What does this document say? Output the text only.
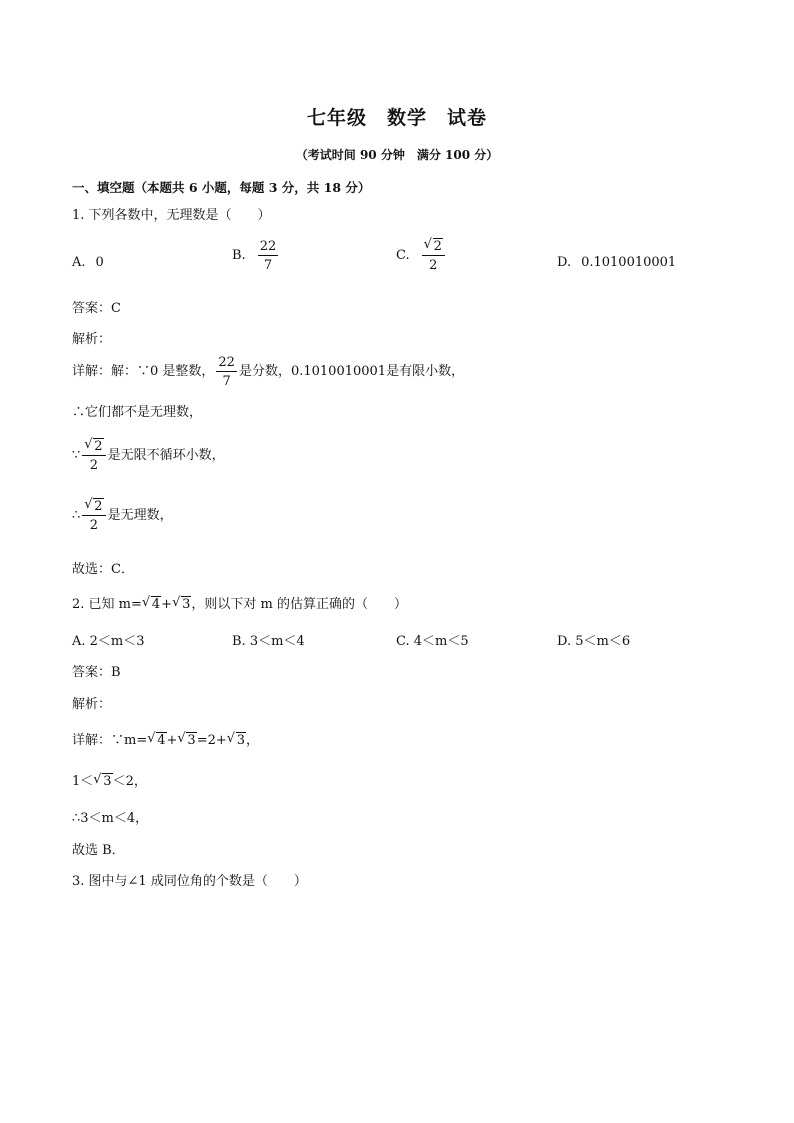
七年级　数学　试卷
（考试时间 90 分钟　满分 100 分）
一、填空题（本题共 6 小题，每题 3 分，共 18 分）
1. 下列各数中，无理数是（　　）
A. 0	B. $\frac{22}{7}$	C. $\frac{√ 2}{2}$	D. 0.1010010001
答案：C
解析：
详解：解：∵0 是整数， $\frac{22}{7}$ 是分数，0.1010010001是有限小数，
∴它们都不是无理数，
∵ $\frac{√ 2}{2}$ 是无限不循环小数，
∴ $\frac{√ 2}{2}$ 是无理数，
故选：C．
2. 已知 m= √ 4+ √ 3，则以下对 m 的估算正确的（　　）
A. 2＜m＜3	B. 3＜m＜4	C. 4＜m＜5	D. 5＜m＜6
答案：B
解析：
详解：∵m= √ 4+ √ 3=2+ √ 3，
1＜ √ 3＜2，
∴3＜m＜4，
故选 B．
3. 图中与∠1 成同位角的个数是（　　）
